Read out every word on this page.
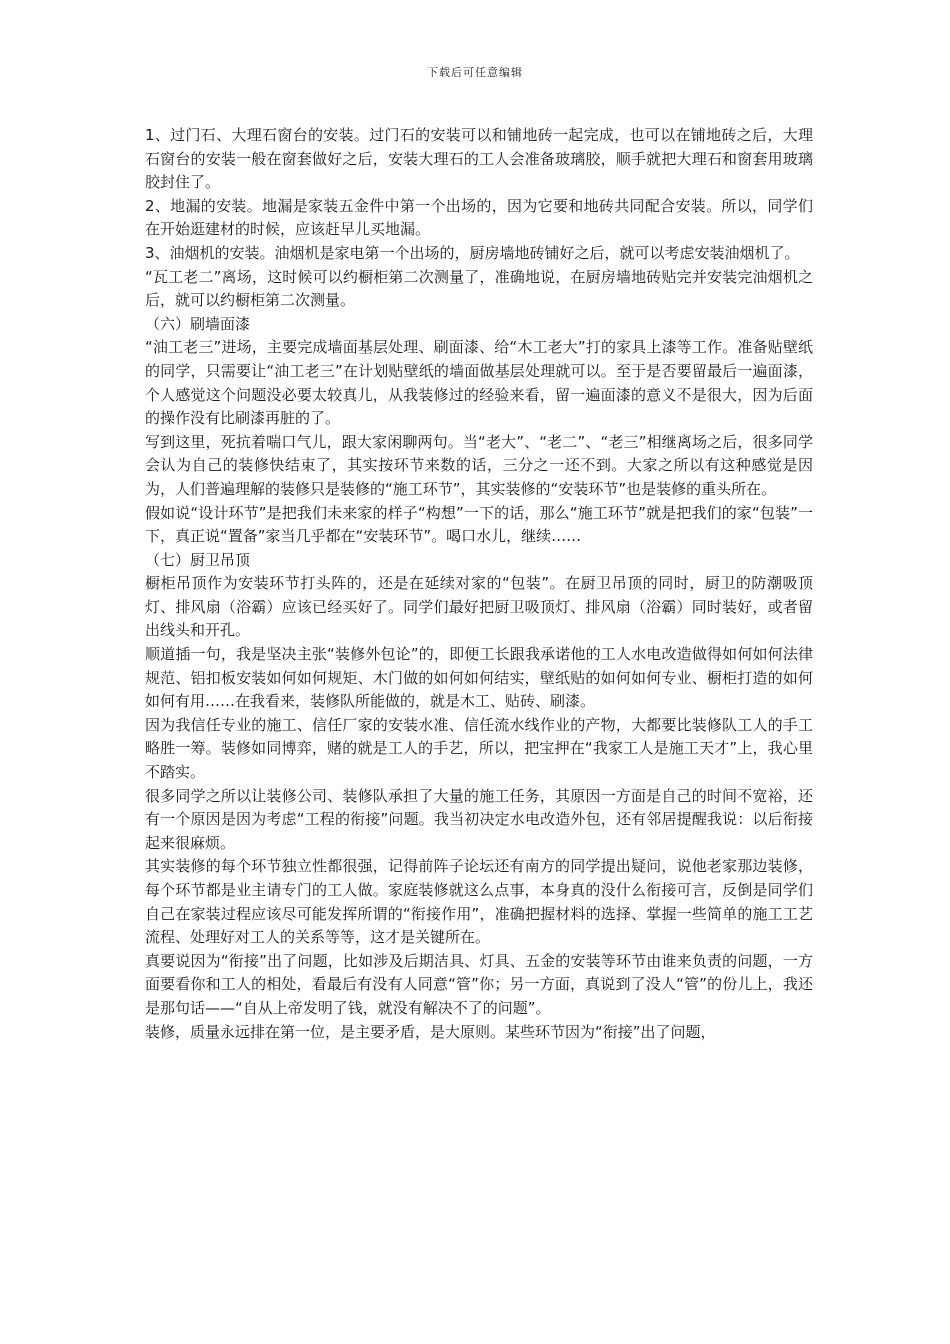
下载后可任意编辑

1、过门石、大理石窗台的安装。过门石的安装可以和铺地砖一起完成，也可以在铺地砖之后，大理石窗台的安装一般在窗套做好之后，安装大理石的工人会准备玻璃胶，顺手就把大理石和窗套用玻璃胶封住了。

2、地漏的安装。地漏是家装五金件中第一个出场的，因为它要和地砖共同配合安装。所以，同学们在开始逛建材的时候，应该赶早儿买地漏。

3、油烟机的安装。油烟机是家电第一个出场的，厨房墙地砖铺好之后，就可以考虑安装油烟机了。

“瓦工老二”离场，这时候可以约橱柜第二次测量了，准确地说，在厨房墙地砖贴完并安装完油烟机之后，就可以约橱柜第二次测量。

（六）刷墙面漆

“油工老三”进场，主要完成墙面基层处理、刷面漆、给“木工老大”打的家具上漆等工作。准备贴壁纸的同学，只需要让“油工老三”在计划贴壁纸的墙面做基层处理就可以。至于是否要留最后一遍面漆，个人感觉这个问题没必要太较真儿，从我装修过的经验来看，留一遍面漆的意义不是很大，因为后面的操作没有比刷漆再脏的了。

写到这里，死抗着喘口气儿，跟大家闲聊两句。当“老大”、“老二”、“老三”相继离场之后，很多同学会认为自己的装修快结束了，其实按环节来数的话，三分之一还不到。大家之所以有这种感觉是因为，人们普遍理解的装修只是装修的“施工环节”，其实装修的“安装环节”也是装修的重头所在。

假如说“设计环节”是把我们未来家的样子“构想”一下的话，那么“施工环节”就是把我们的家“包装”一下，真正说“置备”家当几乎都在“安装环节”。喝口水儿，继续……

（七）厨卫吊顶

橱柜吊顶作为安装环节打头阵的，还是在延续对家的“包装”。在厨卫吊顶的同时，厨卫的防潮吸顶灯、排风扇（浴霸）应该已经买好了。同学们最好把厨卫吸顶灯、排风扇（浴霸）同时装好，或者留出线头和开孔。

顺道插一句，我是坚决主张“装修外包论”的，即便工长跟我承诺他的工人水电改造做得如何如何法律规范、铝扣板安装如何如何规矩、木门做的如何如何结实，壁纸贴的如何如何专业、橱柜打造的如何如何有用……在我看来，装修队所能做的，就是木工、贴砖、刷漆。

因为我信任专业的施工、信任厂家的安装水准、信任流水线作业的产物，大都要比装修队工人的手工略胜一筹。装修如同博弈，赌的就是工人的手艺，所以，把宝押在“我家工人是施工天才”上，我心里不踏实。

很多同学之所以让装修公司、装修队承担了大量的施工任务，其原因一方面是自己的时间不宽裕，还有一个原因是因为考虑“工程的衔接”问题。我当初决定水电改造外包，还有邻居提醒我说：以后衔接起来很麻烦。

其实装修的每个环节独立性都很强，记得前阵子论坛还有南方的同学提出疑问，说他老家那边装修，每个环节都是业主请专门的工人做。家庭装修就这么点事，本身真的没什么衔接可言，反倒是同学们自己在家装过程应该尽可能发挥所谓的“衔接作用”，准确把握材料的选择、掌握一些简单的施工工艺流程、处理好对工人的关系等等，这才是关键所在。

真要说因为“衔接”出了问题，比如涉及后期洁具、灯具、五金的安装等环节由谁来负责的问题，一方面要看你和工人的相处，看最后有没有人同意“管”你；另一方面，真说到了没人“管”的份儿上，我还是那句话——“自从上帝发明了钱，就没有解决不了的问题”。

装修，质量永远排在第一位，是主要矛盾，是大原则。某些环节因为“衔接”出了问题，
